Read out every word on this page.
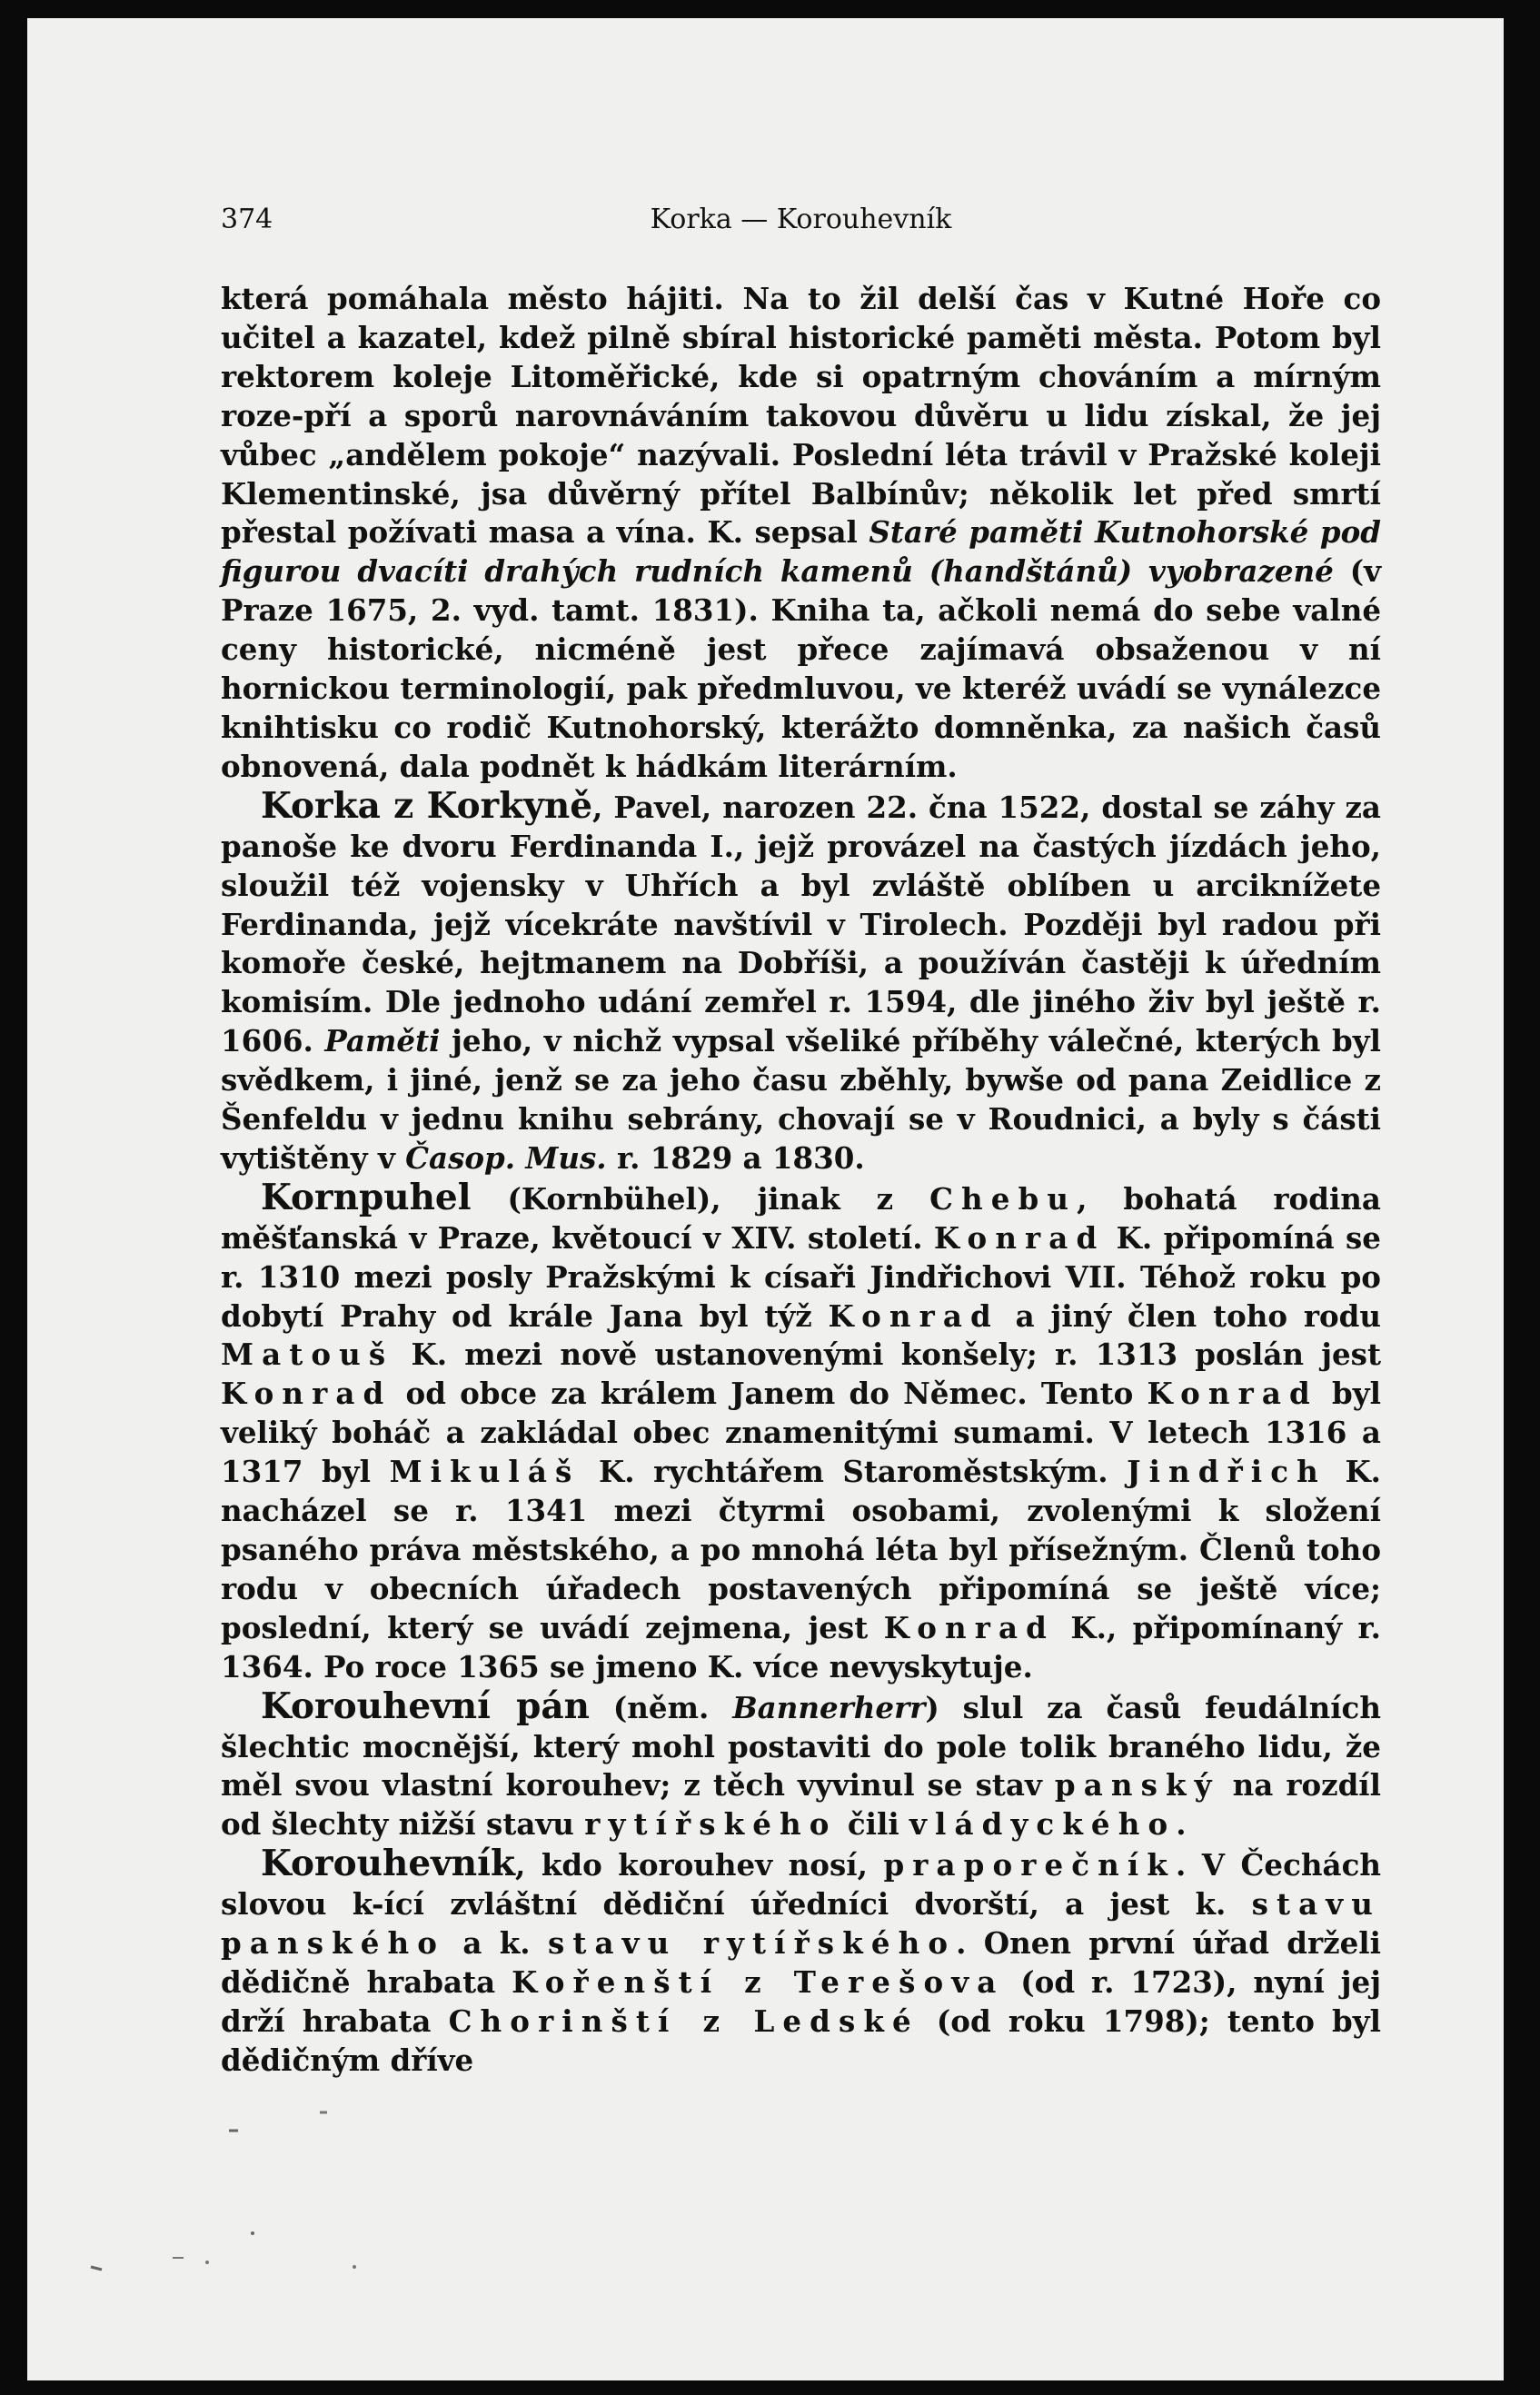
374	Korka — Korouhevník

která pomáhala město hájiti. Na to žil delší čas v Kutné Hoře co učitel a kazatel, kdež pilně sbíral historické paměti města. Potom byl rektorem koleje Litoměřické, kde si opatrným chováním a mírným roze-pří a sporů narovnáváním takovou důvěru u lidu získal, že jej vůbec „andělem pokoje“ nazývali. Poslední léta trávil v Pražské koleji Klementinské, jsa důvěrný přítel Balbínův; několik let před smrtí přestal požívati masa a vína. K. sepsal Staré paměti Kutnohorské pod figurou dvacíti drahých rudních kamenů (handštánů) vyobrazené (v Praze 1675, 2. vyd. tamt. 1831). Kniha ta, ačkoli nemá do sebe valné ceny historické, nicméně jest přece zajímavá obsaženou v ní hornickou terminologií, pak předmluvou, ve kteréž uvádí se vynálezce knihtisku co rodič Kutnohorský, kterážto domněnka, za našich časů obnovená, dala podnět k hádkám literárním.

Korka z Korkyně, Pavel, narozen 22. čna 1522, dostal se záhy za panoše ke dvoru Ferdinanda I., jejž provázel na častých jízdách jeho, sloužil též vojensky v Uhřích a byl zvláště oblíben u arciknížete Ferdinanda, jejž vícekráte navštívil v Tirolech. Později byl radou při komoře české, hejtmanem na Dobříši, a používán častěji k úředním komisím. Dle jednoho udání zemřel r. 1594, dle jiného živ byl ještě r. 1606. Paměti jeho, v nichž vypsal všeliké příběhy válečné, kterých byl svědkem, i jiné, jenž se za jeho času zběhly, bywše od pana Zeidlice z Šenfeldu v jednu knihu sebrány, chovají se v Roudnici, a byly s části vytištěny v Časop. Mus. r. 1829 a 1830.

Kornpuhel (Kornbühel), jinak z Chebu, bohatá rodina měšťanská v Praze, květoucí v XIV. století. Konrad K. připomíná se r. 1310 mezi posly Pražskými k císaři Jindřichovi VII. Téhož roku po dobytí Prahy od krále Jana byl týž Konrad a jiný člen toho rodu Matouš K. mezi nově ustanovenými konšely; r. 1313 poslán jest Konrad od obce za králem Janem do Němec. Tento Konrad byl veliký boháč a zakládal obec znamenitými sumami. V letech 1316 a 1317 byl Mikuláš K. rychtářem Staroměstským. Jindřich K. nacházel se r. 1341 mezi čtyrmi osobami, zvolenými k složení psaného práva městského, a po mnohá léta byl přísežným. Členů toho rodu v obecních úřadech postavených připomíná se ještě více; poslední, který se uvádí zejmena, jest Konrad K., připomínaný r. 1364. Po roce 1365 se jmeno K. více nevyskytuje.

Korouhevní pán (něm. Bannerherr) slul za časů feudálních šlechtic mocnější, který mohl postaviti do pole tolik braného lidu, že měl svou vlastní korouhev; z těch vyvinul se stav panský na rozdíl od šlechty nižší stavu rytířského čili vládyckého.

Korouhevník, kdo korouhev nosí, praporečník. V Čechách slovou k-ící zvláštní dědiční úředníci dvorští, a jest k. stavu panského a k. stavu rytířského. Onen první úřad drželi dědičně hrabata Kořenští z Terešova (od r. 1723), nyní jej drží hrabata Chorinští z Ledské (od roku 1798); tento byl dědičným dříve
